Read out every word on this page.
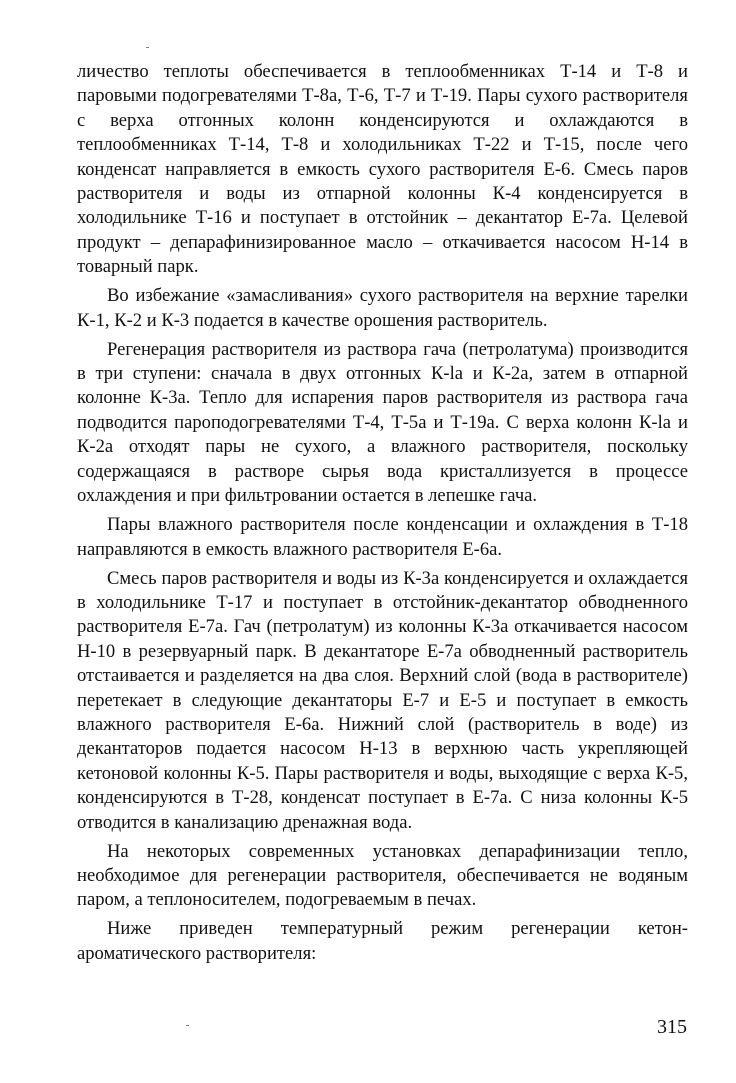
личество теплоты обеспечивается в теплообменниках Т-14 и Т-8 и паровыми подогревателями Т-8а, Т-6, Т-7 и Т-19. Пары сухого растворителя с верха отгонных колонн конденсируются и охлаждаются в теплообменниках Т-14, Т-8 и холодильниках Т-22 и Т-15, после чего конденсат направляется в емкость сухого растворителя Е-6. Смесь паров растворителя и воды из отпарной колонны К-4 конденсируется в холодильнике Т-16 и поступает в отстойник – декантатор Е-7а. Целевой продукт – депарафинизированное масло – откачивается насосом Н-14 в товарный парк.

Во избежание «замасливания» сухого растворителя на верхние тарелки К-1, К-2 и К-3 подается в качестве орошения растворитель.

Регенерация растворителя из раствора гача (петролатума) производится в три ступени: сначала в двух отгонных К-lа и К-2а, затем в отпарной колонне К-3а. Тепло для испарения паров растворителя из раствора гача подводится пароподогревателями Т-4, Т-5а и Т-19а. С верха колонн К-lа и К-2а отходят пары не сухого, а влажного растворителя, поскольку содержащаяся в растворе сырья вода кристаллизуется в процессе охлаждения и при фильтровании остается в лепешке гача.

Пары влажного растворителя после конденсации и охлаждения в Т-18 направляются в емкость влажного растворителя Е-6а.

Смесь паров растворителя и воды из К-3а конденсируется и охлаждается в холодильнике Т-17 и поступает в отстойник-декантатор обводненного растворителя Е-7а. Гач (петролатум) из колонны К-3а откачивается насосом Н-10 в резервуарный парк. В декантаторе Е-7а обводненный растворитель отстаивается и разделяется на два слоя. Верхний слой (вода в растворителе) перетекает в следующие декантаторы Е-7 и Е-5 и поступает в емкость влажного растворителя Е-6а. Нижний слой (растворитель в воде) из декантаторов подается насосом Н-13 в верхнюю часть укрепляющей кетоновой колонны К-5. Пары растворителя и воды, выходящие с верха К-5, конденсируются в Т-28, конденсат поступает в Е-7а. С низа колонны К-5 отводится в канализацию дренажная вода.

На некоторых современных установках депарафинизации тепло, необходимое для регенерации растворителя, обеспечивается не водяным паром, а теплоносителем, подогреваемым в печах.

Ниже приведен температурный режим регенерации кетон-ароматического растворителя:

315
